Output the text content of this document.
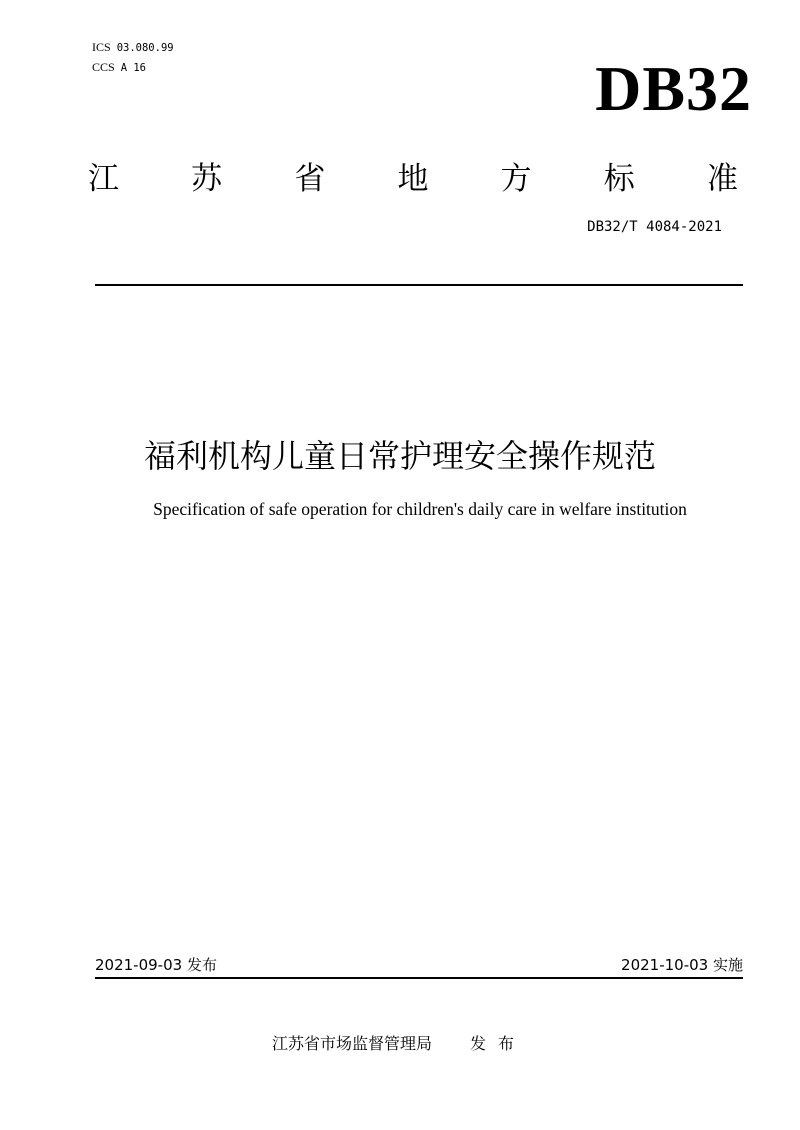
ICS 03.080.99
CCS A 16	DB32
江 苏 省 地 方 标 准
DB32/T 4084-2021
福利机构儿童日常护理安全操作规范
Specification of safe operation for children's daily care in welfare institution
2021-09-03 发布	2021-10-03 实施
江苏省市场监督管理局 发布
